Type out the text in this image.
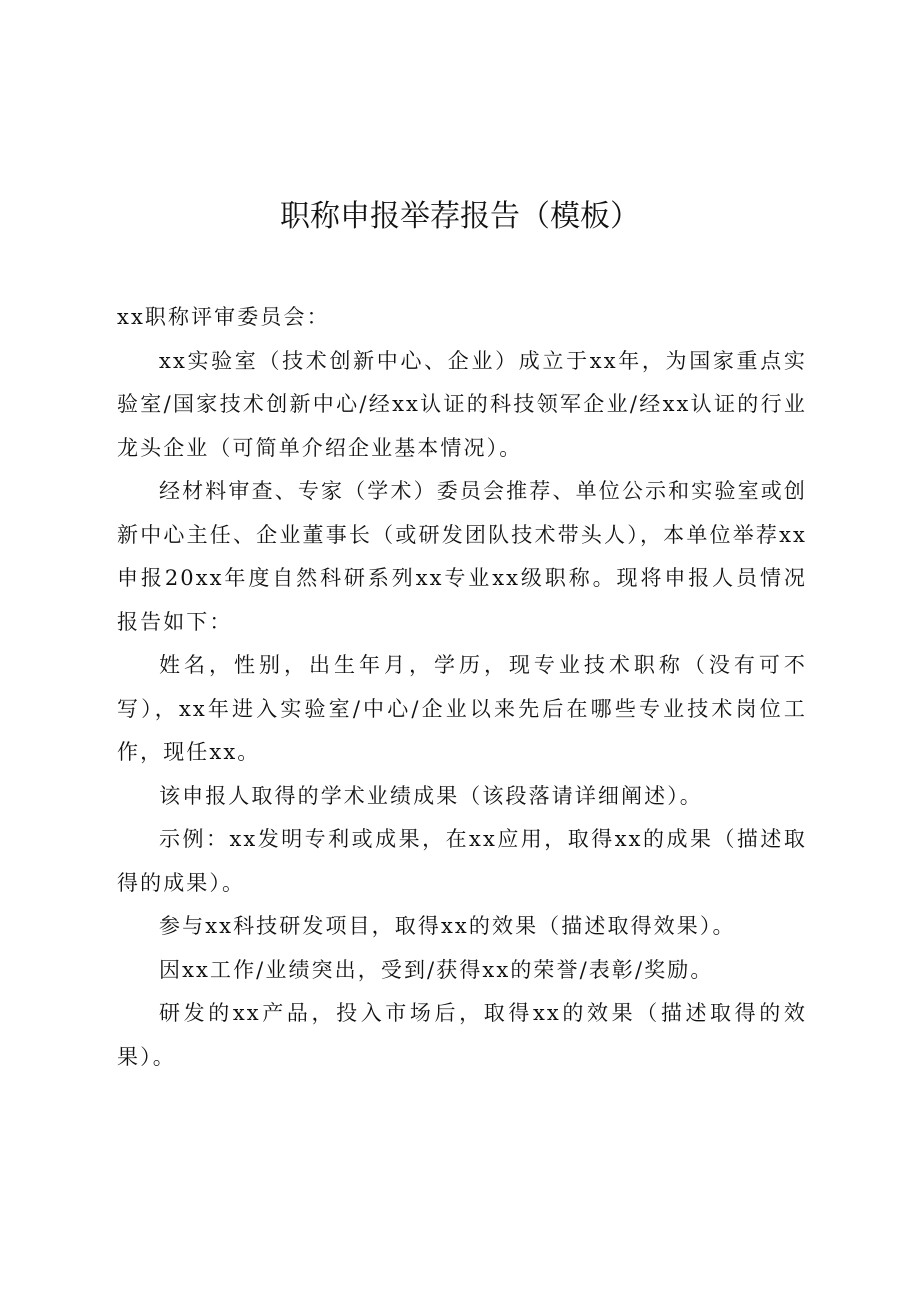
职称申报举荐报告（模板）

xx职称评审委员会：

xx实验室（技术创新中心、企业）成立于xx年，为国家重点实验室/国家技术创新中心/经xx认证的科技领军企业/经xx认证的行业龙头企业（可简单介绍企业基本情况）。

经材料审查、专家（学术）委员会推荐、单位公示和实验室或创新中心主任、企业董事长（或研发团队技术带头人），本单位举荐xx申报20xx年度自然科研系列xx专业xx级职称。现将申报人员情况报告如下：

姓名，性别，出生年月，学历，现专业技术职称（没有可不写），xx年进入实验室/中心/企业以来先后在哪些专业技术岗位工作，现任xx。

该申报人取得的学术业绩成果（该段落请详细阐述）。

示例：xx发明专利或成果，在xx应用，取得xx的成果（描述取得的成果）。

参与xx科技研发项目，取得xx的效果（描述取得效果）。

因xx工作/业绩突出，受到/获得xx的荣誉/表彰/奖励。

研发的xx产品，投入市场后，取得xx的效果（描述取得的效果）。
